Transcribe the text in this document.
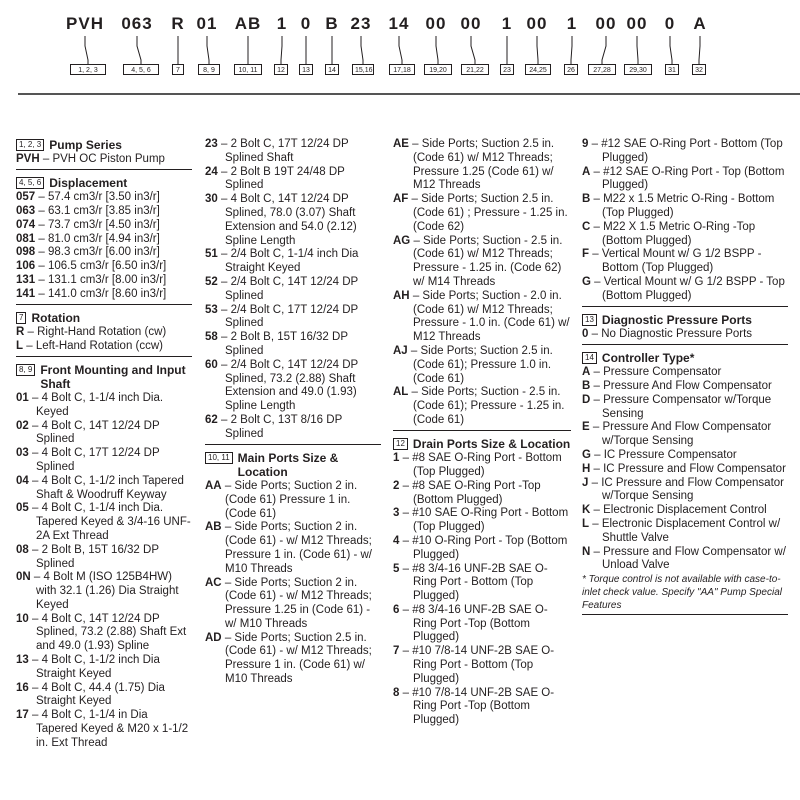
PVH
1, 2, 3
063
4, 5, 6
R
7
01
8, 9
AB
10, 11
1
12
0
13
B
14
23
15,16
14
17,18
00
19,20
00
21,22
1
23
00
24,25
1
26
00
27,28
00
29,30
0
31
A
32
1, 2, 3 Pump Series
PVH – PVH OC Piston Pump
4, 5, 6 Displacement
057 – 57.4 cm3/r [3.50 in3/r]
063 – 63.1 cm3/r [3.85 in3/r]
074 – 73.7 cm3/r [4.50 in3/r]
081 – 81.0 cm3/r [4.94 in3/r]
098 – 98.3 cm3/r [6.00 in3/r]
106 – 106.5 cm3/r [6.50 in3/r]
131 – 131.1 cm3/r [8.00 in3/r]
141 – 141.0 cm3/r [8.60 in3/r]
7 Rotation
R – Right-Hand Rotation (cw)
L – Left-Hand Rotation (ccw)
8, 9 Front Mounting and Input Shaft
01 – 4 Bolt C, 1-1/4 inch Dia. Keyed
02 – 4 Bolt C, 14T 12/24 DP Splined
03 – 4 Bolt C, 17T 12/24 DP Splined
04 – 4 Bolt C, 1-1/2 inch Tapered Shaft & Woodruff Keyway
05 – 4 Bolt C, 1-1/4 inch Dia. Tapered Keyed & 3/4-16 UNF-2A Ext Thread
08 – 2 Bolt B, 15T 16/32 DP Splined
0N – 4 Bolt M (ISO 125B4HW) with 32.1 (1.26) Dia Straight Keyed
10 – 4 Bolt C, 14T 12/24 DP Splined, 73.2 (2.88) Shaft Ext and 49.0 (1.93) Spline
13 – 4 Bolt C, 1-1/2 inch Dia Straight Keyed
16 – 4 Bolt C, 44.4 (1.75) Dia Straight Keyed
17 – 4 Bolt C, 1-1/4 in Dia Tapered Keyed & M20 x 1-1/2 in. Ext Thread
23 – 2 Bolt C, 17T 12/24 DP Splined Shaft
24 – 2 Bolt B 19T 24/48 DP Splined
30 – 4 Bolt C, 14T 12/24 DP Splined, 78.0 (3.07) Shaft Extension and 54.0 (2.12) Spline Length
51 – 2/4 Bolt C, 1-1/4 inch Dia Straight Keyed
52 – 2/4 Bolt C, 14T 12/24 DP Splined
53 – 2/4 Bolt C, 17T 12/24 DP Splined
58 – 2 Bolt B, 15T 16/32 DP Splined
60 – 2/4 Bolt C, 14T 12/24 DP Splined, 73.2 (2.88) Shaft Extension and 49.0 (1.93) Spline Length
62 – 2 Bolt C, 13T 8/16 DP Splined
10, 11 Main Ports Size & Location
AA – Side Ports; Suction 2 in. (Code 61) Pressure 1 in. (Code 61)
AB – Side Ports; Suction 2 in. (Code 61) - w/ M12 Threads; Pressure 1 in. (Code 61) - w/ M10 Threads
AC – Side Ports; Suction 2 in. (Code 61) - w/ M12 Threads; Pressure 1.25 in (Code 61) - w/ M10 Threads
AD – Side Ports; Suction 2.5 in. (Code 61) - w/ M12 Threads; Pressure 1 in. (Code 61) w/ M10 Threads
AE – Side Ports; Suction 2.5 in. (Code 61) w/ M12 Threads; Pressure 1.25 (Code 61) w/ M12 Threads
AF – Side Ports; Suction 2.5 in. (Code 61) ; Pressure - 1.25 in. (Code 62)
AG – Side Ports; Suction - 2.5 in. (Code 61) w/ M12 Threads; Pressure - 1.25 in. (Code 62) w/ M14 Threads
AH – Side Ports; Suction - 2.0 in. (Code 61) w/ M12 Threads; Pressure - 1.0 in. (Code 61) w/ M12 Threads
AJ – Side Ports; Suction 2.5 in. (Code 61); Pressure 1.0 in. (Code 61)
AL – Side Ports; Suction - 2.5 in. (Code 61); Pressure - 1.25 in. (Code 61)
12 Drain Ports Size & Location
1 – #8 SAE O-Ring Port - Bottom (Top Plugged)
2 – #8 SAE O-Ring Port -Top (Bottom Plugged)
3 – #10 SAE O-Ring Port - Bottom (Top Plugged)
4 – #10 O-Ring Port - Top (Bottom Plugged)
5 – #8 3/4-16 UNF-2B SAE O-Ring Port - Bottom (Top Plugged)
6 – #8 3/4-16 UNF-2B SAE O-Ring Port -Top (Bottom Plugged)
7 – #10 7/8-14 UNF-2B SAE O-Ring Port - Bottom (Top Plugged)
8 – #10 7/8-14 UNF-2B SAE O-Ring Port -Top (Bottom Plugged)
9 – #12 SAE O-Ring Port - Bottom (Top Plugged)
A – #12 SAE O-Ring Port - Top (Bottom Plugged)
B – M22 x 1.5 Metric O-Ring - Bottom (Top Plugged)
C – M22 X 1.5 Metric O-Ring -Top (Bottom Plugged)
F – Vertical Mount w/ G 1/2 BSPP - Bottom (Top Plugged)
G – Vertical Mount w/ G 1/2 BSPP - Top (Bottom Plugged)
13 Diagnostic Pressure Ports
0 – No Diagnostic Pressure Ports
14 Controller Type*
A – Pressure Compensator
B – Pressure And Flow Compensator
D – Pressure Compensator w/Torque Sensing
E – Pressure And Flow Compensator w/Torque Sensing
G – IC Pressure Compensator
H – IC Pressure and Flow Compensator
J – IC Pressure and Flow Compensator w/Torque Sensing
K – Electronic Displacement Control
L – Electronic Displacement Control w/ Shuttle Valve
N – Pressure and Flow Compensator w/ Unload Valve
* Torque control is not available with case-to-inlet check value. Specify "AA" Pump Special Features
